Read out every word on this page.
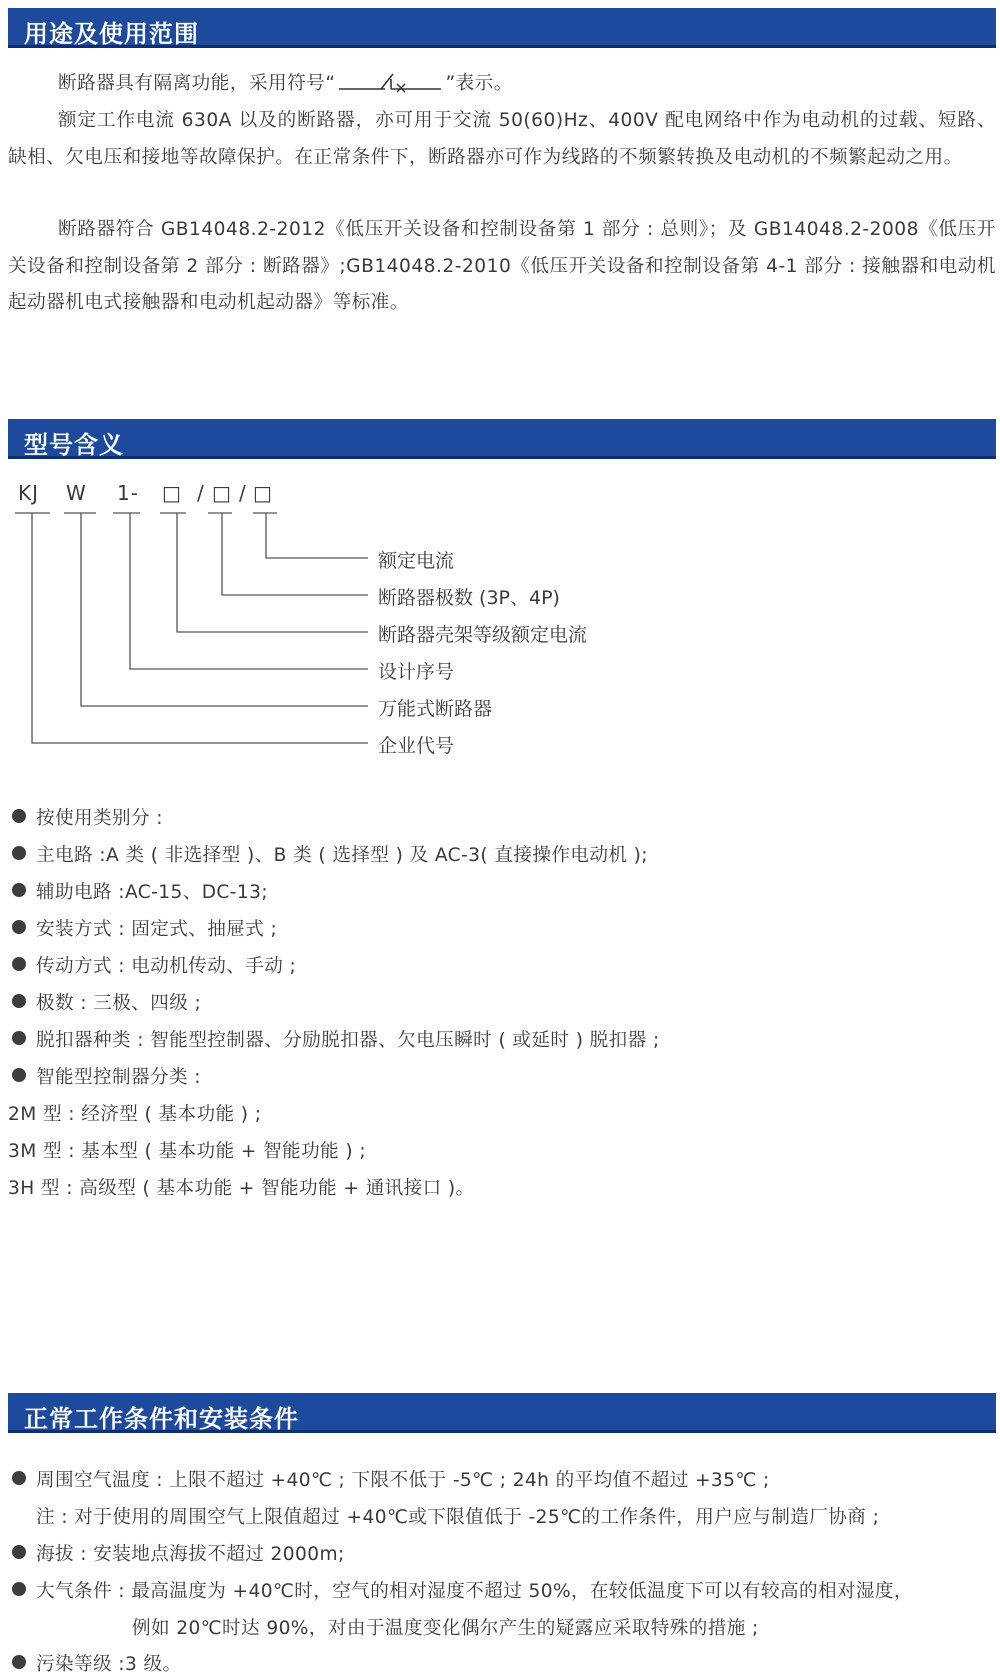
用途及使用范围

断路器具有隔离功能，采用符号“	”表示。

额定工作电流 630A 以及的断路器，亦可用于交流 50(60)Hz、400V 配电网络中作为电动机的过载、短路、缺相、欠电压和接地等故障保护。在正常条件下，断路器亦可作为线路的不频繁转换及电动机的不频繁起动之用。

断路器符合 GB14048.2-2012《低压开关设备和控制设备第 1 部分 : 总则》；及 GB14048.2-2008《低压开关设备和控制设备第 2 部分 : 断路器》;GB14048.2-2010《低压开关设备和控制设备第 4-1 部分 : 接触器和电动机起动器机电式接触器和电动机起动器》等标准。

型号含义
KJ W 1- □ / □ / □
额定电流
断路器极数 (3P、4P)
断路器壳架等级额定电流
设计序号
万能式断路器
企业代号
按使用类别分 :
主电路 :A 类 ( 非选择型 )、B 类 ( 选择型 ) 及 AC-3( 直接操作电动机 );
辅助电路 :AC-15、DC-13;
安装方式 : 固定式、抽屉式 ;
传动方式 : 电动机传动、手动 ;
极数 : 三极、四级 ;
脱扣器种类 : 智能型控制器、分励脱扣器、欠电压瞬时 ( 或延时 ) 脱扣器 ;
智能型控制器分类 :
2M 型 : 经济型 ( 基本功能 ) ;
3M 型 : 基本型 ( 基本功能 + 智能功能 ) ;
3H 型 : 高级型 ( 基本功能 + 智能功能 + 通讯接口 )。
正常工作条件和安装条件
周围空气温度 : 上限不超过 +40℃ ; 下限不低于 -5℃ ; 24h 的平均值不超过 +35℃ ;
注 : 对于使用的周围空气上限值超过 +40℃或下限值低于 -25℃的工作条件，用户应与制造厂协商 ;
海拔 : 安装地点海拔不超过 2000m;
大气条件 : 最高温度为 +40℃时，空气的相对湿度不超过 50%，在较低温度下可以有较高的相对湿度，
例如 20℃时达 90%，对由于温度变化偶尔产生的疑露应采取特殊的措施 ;
污染等级 :3 级。
